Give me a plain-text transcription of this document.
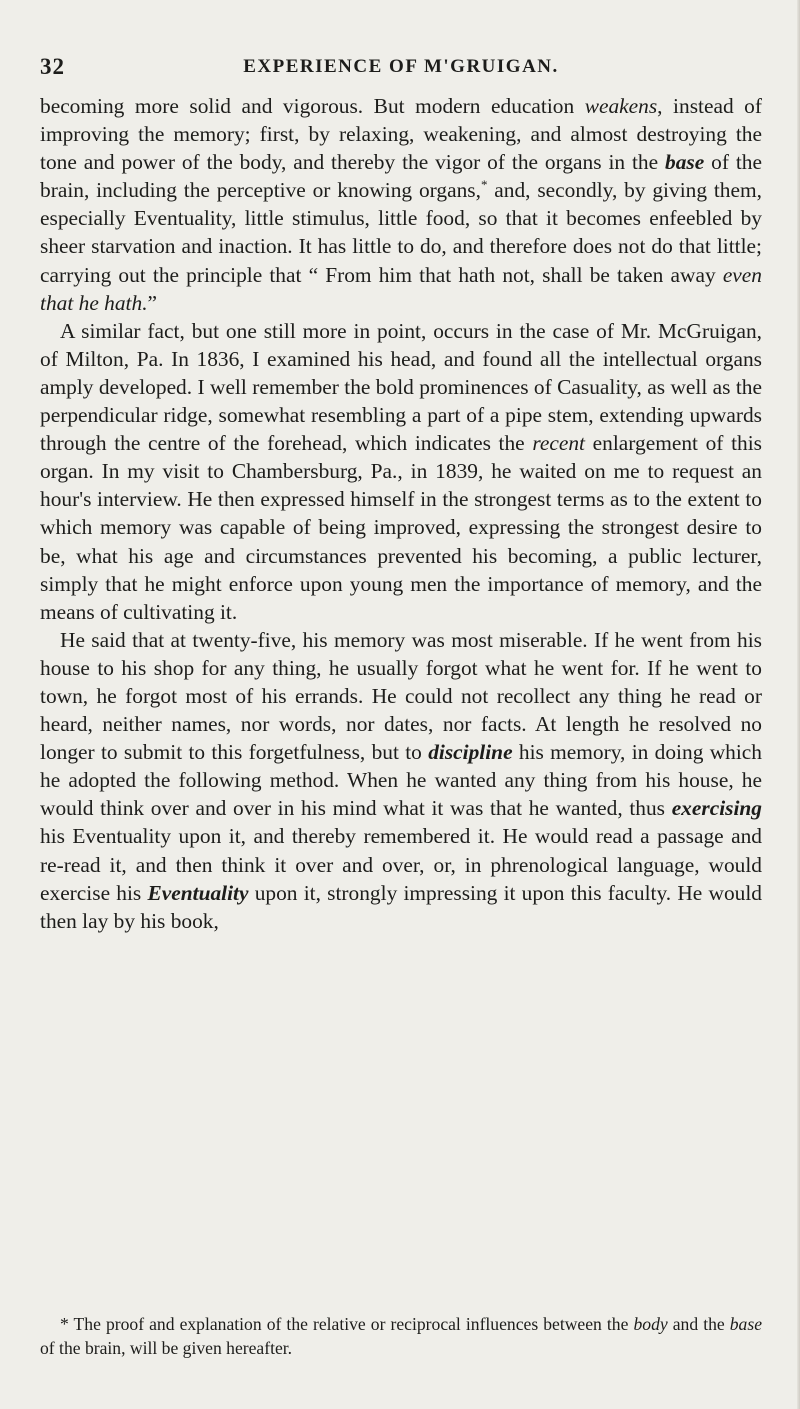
32	EXPERIENCE OF M'GRUIGAN.

becoming more solid and vigorous. But modern education weakens, instead of improving the memory; first, by relaxing, weakening, and almost destroying the tone and power of the body, and thereby the vigor of the organs in the base of the brain, including the perceptive or knowing organs,* and, secondly, by giving them, especially Eventuality, little stimulus, little food, so that it becomes enfeebled by sheer starvation and inaction. It has little to do, and therefore does not do that little; carrying out the principle that “ From him that hath not, shall be taken away even that he hath.”

A similar fact, but one still more in point, occurs in the case of Mr. McGruigan, of Milton, Pa. In 1836, I examined his head, and found all the intellectual organs amply developed. I well remember the bold prominences of Casuality, as well as the perpendicular ridge, somewhat resembling a part of a pipe stem, extending upwards through the centre of the forehead, which indicates the recent enlargement of this organ. In my visit to Chambersburg, Pa., in 1839, he waited on me to request an hour's interview. He then expressed himself in the strongest terms as to the extent to which memory was capable of being improved, expressing the strongest desire to be, what his age and circumstances prevented his becoming, a public lecturer, simply that he might enforce upon young men the importance of memory, and the means of cultivating it.

He said that at twenty-five, his memory was most miserable. If he went from his house to his shop for any thing, he usually forgot what he went for. If he went to town, he forgot most of his errands. He could not recollect any thing he read or heard, neither names, nor words, nor dates, nor facts. At length he resolved no longer to submit to this forgetfulness, but to discipline his memory, in doing which he adopted the following method. When he wanted any thing from his house, he would think over and over in his mind what it was that he wanted, thus exercising his Eventuality upon it, and thereby remembered it. He would read a passage and re-read it, and then think it over and over, or, in phrenological language, would exercise his Eventuality upon it, strongly impressing it upon this faculty. He would then lay by his book,

* The proof and explanation of the relative or reciprocal influences between the body and the base of the brain, will be given hereafter.
